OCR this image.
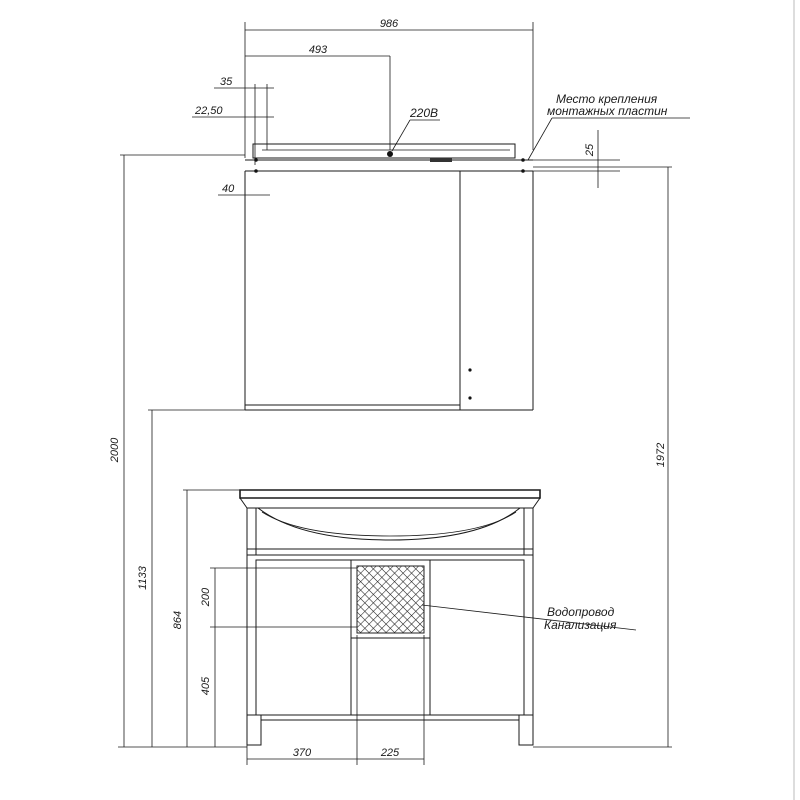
986
493
35
22,50
40
25
220В
Место крепления
монтажных пластин
Водопровод
Канализация
2000
1133
864
200
405
1972
370	225
